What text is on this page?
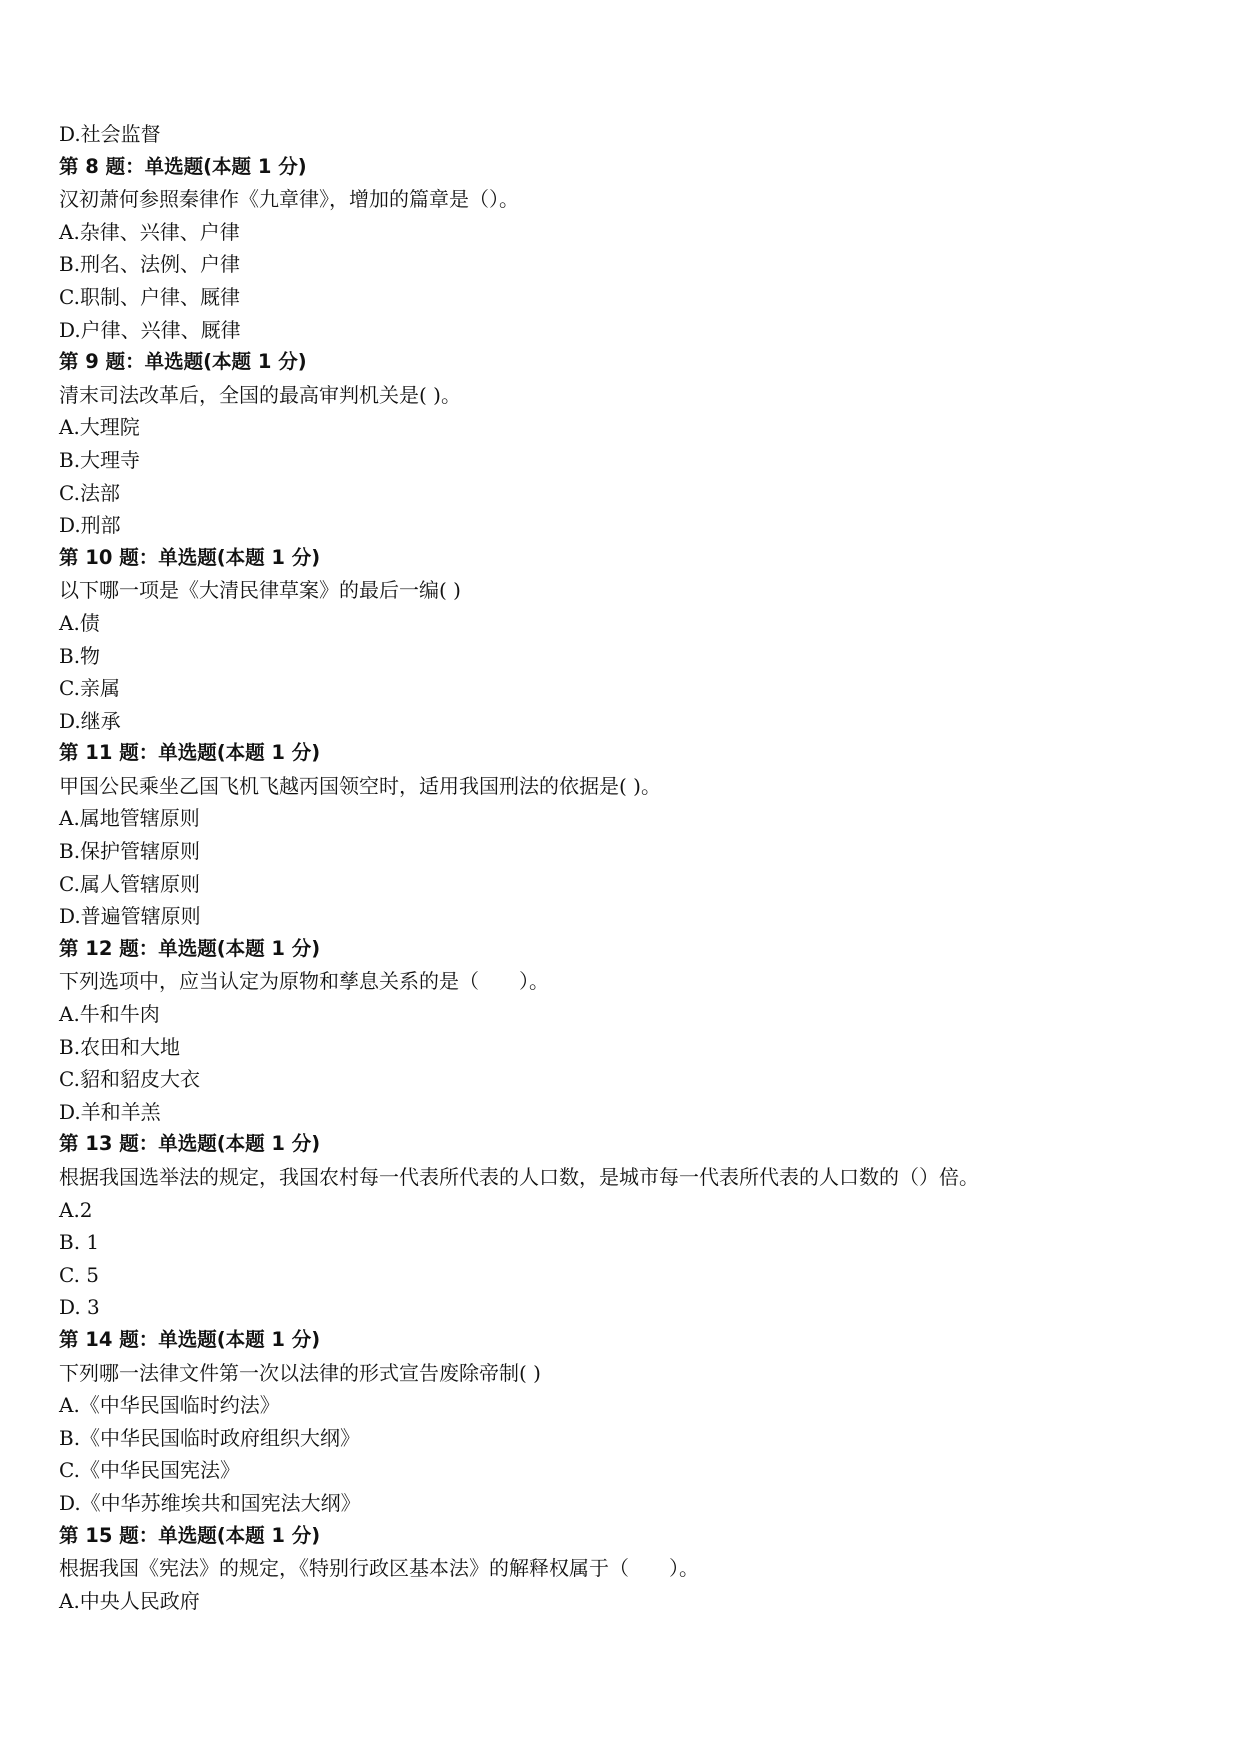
D.社会监督
第 8 题：单选题(本题 1 分)
汉初萧何参照秦律作《九章律》，增加的篇章是（）。
A.杂律、兴律、户律
B.刑名、法例、户律
C.职制、户律、厩律
D.户律、兴律、厩律
第 9 题：单选题(本题 1 分)
清末司法改革后，全国的最高审判机关是( )。
A.大理院
B.大理寺
C.法部
D.刑部
第 10 题：单选题(本题 1 分)
以下哪一项是《大清民律草案》的最后一编( )
A.债
B.物
C.亲属
D.继承
第 11 题：单选题(本题 1 分)
甲国公民乘坐乙国飞机飞越丙国领空时，适用我国刑法的依据是( )。
A.属地管辖原则
B.保护管辖原则
C.属人管辖原则
D.普遍管辖原则
第 12 题：单选题(本题 1 分)
下列选项中，应当认定为原物和孳息关系的是（　　）。
A.牛和牛肉
B.农田和大地
C.貂和貂皮大衣
D.羊和羊羔
第 13 题：单选题(本题 1 分)
根据我国选举法的规定，我国农村每一代表所代表的人口数，是城市每一代表所代表的人口数的（）倍。
A.2
B. 1
C. 5
D. 3
第 14 题：单选题(本题 1 分)
下列哪一法律文件第一次以法律的形式宣告废除帝制( )
A.《中华民国临时约法》
B.《中华民国临时政府组织大纲》
C.《中华民国宪法》
D.《中华苏维埃共和国宪法大纲》
第 15 题：单选题(本题 1 分)
根据我国《宪法》的规定，《特别行政区基本法》的解释权属于（　　）。
A.中央人民政府
